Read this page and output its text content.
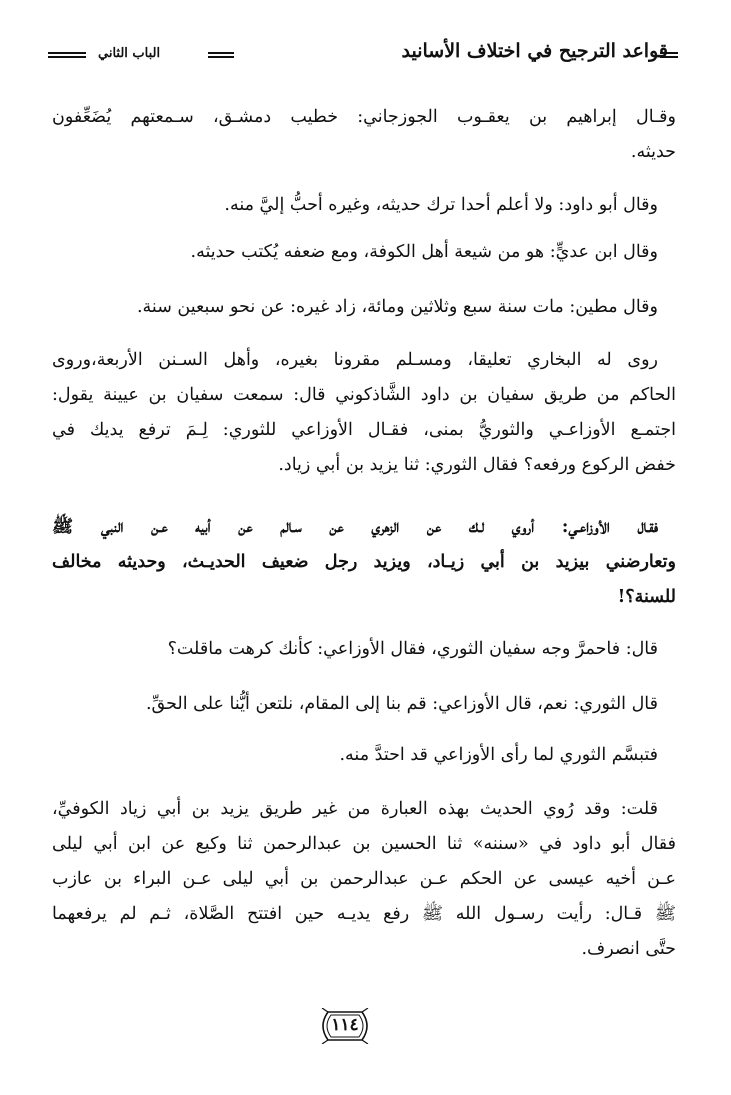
قواعد الترجيح في اختلاف الأسانيد
الباب الثاني
وقـال إبراهيم بن يعقـوب الجوزجاني: خطيب دمشـق، سـمعتهم يُضَعِّفون
حديثه.
وقال أبو داود: ولا أعلم أحدا ترك حديثه، وغيره أحبُّ إليَّ منه.
وقال ابن عديٍّ: هو من شيعة أهل الكوفة، ومع ضعفه يُكتب حديثه.
وقال مطين: مات سنة سبع وثلاثين ومائة، زاد غيره: عن نحو سبعين سنة.
روى له البخاري تعليقا، ومسـلم مقرونا بغيره، وأهل السـنن الأربعة،وروى
الحاكم من طريق سفيان بن داود الشَّاذكوني قال: سمعت سفيان بن عيينة يقول:
اجتمـع الأوزاعـي والثوريُّ بمنى، فقـال الأوزاعي للثوري: لِـمَ ترفع يديك في
خفض الركوع ورفعه؟ فقال الثوري: ثنا يزيد بن أبي زياد.
فقـال الأوزاعـي: أروي لـك عن الزهري عن سـالم عن أبيه عـن النبي ﷺ
وتعارضني بيزيد بن أبي زيـاد، ويزيد رجل ضعيف الحديـث، وحديثه مخالف
للسنة؟!
قال: فاحمرَّ وجه سفيان الثوري، فقال الأوزاعي: كأنك كرهت ماقلت؟
قال الثوري: نعم، قال الأوزاعي: قم بنا إلى المقام، نلتعن أيُّنا على الحقِّ.
فتبسَّم الثوري لما رأى الأوزاعي قد احتدَّ منه.
قلت: وقد رُوي الحديث بهذه العبارة من غير طريق يزيد بن أبي زياد الكوفيِّ،
فقال أبو داود في «سننه» ثنا الحسين بن عبدالرحمن ثنا وكيع عن ابن أبي ليلى
عـن أخيه عيسى عن الحكم عـن عبدالرحمن بن أبي ليلى عـن البراء بن عازب
ﷺ قـال: رأيت رسـول الله ﷺ رفع يديـه حين افتتح الصَّلاة، ثـم لم يرفعهما
حتَّى انصرف.
١١٤
